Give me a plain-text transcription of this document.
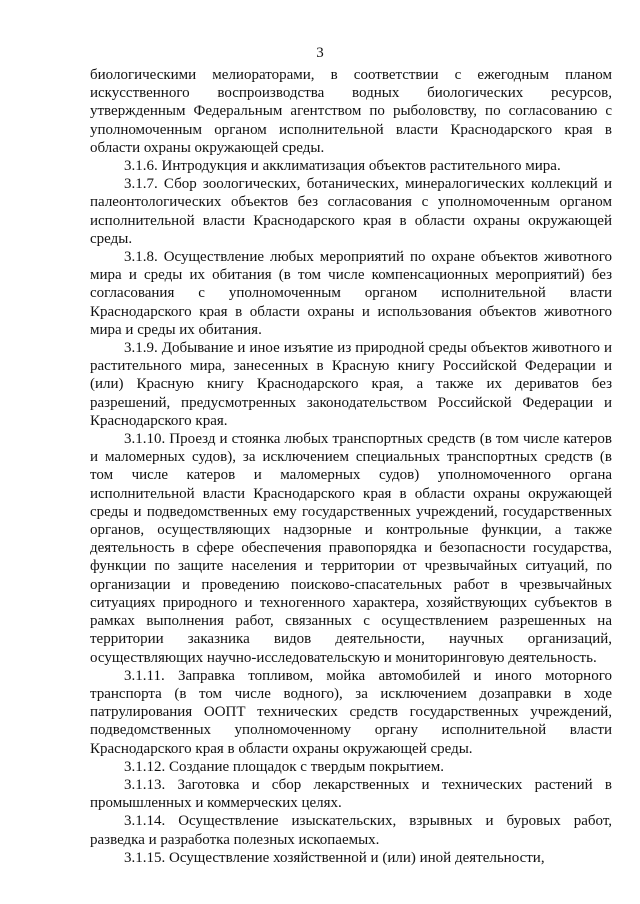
3

биологическими мелиораторами, в соответствии с ежегодным планом искусственного воспроизводства водных биологических ресурсов, утвержденным Федеральным агентством по рыболовству, по согласованию с уполномоченным органом исполнительной власти Краснодарского края в области охраны окружающей среды.

3.1.6. Интродукция и акклиматизация объектов растительного мира.

3.1.7. Сбор зоологических, ботанических, минералогических коллекций и палеонтологических объектов без согласования с уполномоченным органом исполнительной власти Краснодарского края в области охраны окружающей среды.

3.1.8. Осуществление любых мероприятий по охране объектов животного мира и среды их обитания (в том числе компенсационных мероприятий) без согласования с уполномоченным органом исполнительной власти Краснодарского края в области охраны и использования объектов животного мира и среды их обитания.

3.1.9. Добывание и иное изъятие из природной среды объектов животного и растительного мира, занесенных в Красную книгу Российской Федерации и (или) Красную книгу Краснодарского края, а также их дериватов без разрешений, предусмотренных законодательством Российской Федерации и Краснодарского края.

3.1.10. Проезд и стоянка любых транспортных средств (в том числе катеров и маломерных судов), за исключением специальных транспортных средств (в том числе катеров и маломерных судов) уполномоченного органа исполнительной власти Краснодарского края в области охраны окружающей среды и подведомственных ему государственных учреждений, государственных органов, осуществляющих надзорные и контрольные функции, а также деятельность в сфере обеспечения правопорядка и безопасности государства, функции по защите населения и территории от чрезвычайных ситуаций, по организации и проведению поисково-спасательных работ в чрезвычайных ситуациях природного и техногенного характера, хозяйствующих субъектов в рамках выполнения работ, связанных с осуществлением разрешенных на территории заказника видов деятельности, научных организаций, осуществляющих научно-исследовательскую и мониторинговую деятельность.

3.1.11. Заправка топливом, мойка автомобилей и иного моторного транспорта (в том числе водного), за исключением дозаправки в ходе патрулирования ООПТ технических средств государственных учреждений, подведомственных уполномоченному органу исполнительной власти Краснодарского края в области охраны окружающей среды.

3.1.12. Создание площадок с твердым покрытием.

3.1.13. Заготовка и сбор лекарственных и технических растений в промышленных и коммерческих целях.

3.1.14. Осуществление изыскательских, взрывных и буровых работ, разведка и разработка полезных ископаемых.

3.1.15. Осуществление хозяйственной и (или) иной деятельности,
